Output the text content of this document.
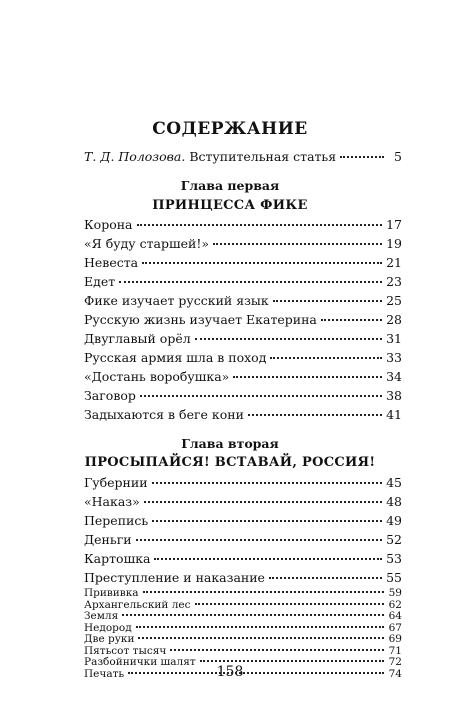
СОДЕРЖАНИЕ
Т. Д. Полозова. Вступительная статья	5
Глава первая
ПРИНЦЕССА ФИКЕ
Корона	17
«Я буду старшей!»	19
Невеста	21
Едет	23
Фике изучает русский язык	25
Русскую жизнь изучает Екатерина	28
Двуглавый орёл	31
Русская армия шла в поход	33
«Достань воробушка»	34
Заговор	38
Задыхаются в беге кони	41
Глава вторая
ПРОСЫПАЙСЯ! ВСТАВАЙ, РОССИЯ!
Губернии	45
«Наказ»	48
Перепись	49
Деньги	52
Картошка	53
Преступление и наказание	55
Прививка	59
Архангельский лес	62
Земля	64
Недород	67
158
Две руки	69
Пятьсот тысяч	71
Разбойнички шалят	72
Печать	74
